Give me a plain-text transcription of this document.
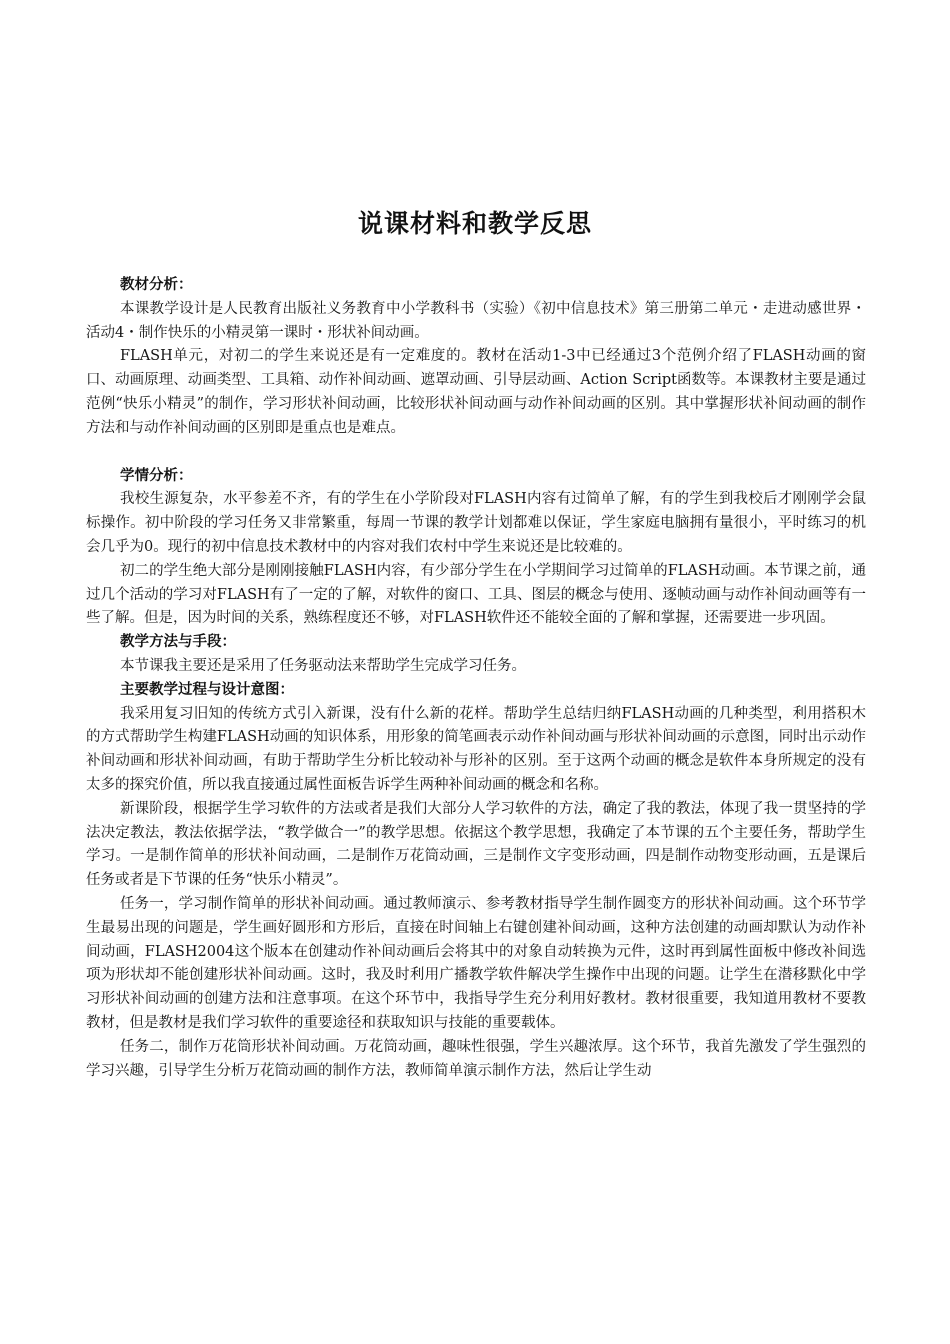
说课材料和教学反思

教材分析：

本课教学设计是人民教育出版社义务教育中小学教科书（实验）《初中信息技术》第三册第二单元・走进动感世界・活动4・制作快乐的小精灵第一课时・形状补间动画。

FLASH单元，对初二的学生来说还是有一定难度的。教材在活动1-3中已经通过3个范例介绍了FLASH动画的窗口、动画原理、动画类型、工具箱、动作补间动画、遮罩动画、引导层动画、Action Script函数等。本课教材主要是通过范例“快乐小精灵”的制作，学习形状补间动画，比较形状补间动画与动作补间动画的区别。其中掌握形状补间动画的制作方法和与动作补间动画的区别即是重点也是难点。

学情分析：

我校生源复杂，水平参差不齐，有的学生在小学阶段对FLASH内容有过简单了解，有的学生到我校后才刚刚学会鼠标操作。初中阶段的学习任务又非常繁重，每周一节课的教学计划都难以保证，学生家庭电脑拥有量很小，平时练习的机会几乎为0。现行的初中信息技术教材中的内容对我们农村中学生来说还是比较难的。

初二的学生绝大部分是刚刚接触FLASH内容，有少部分学生在小学期间学习过简单的FLASH动画。本节课之前，通过几个活动的学习对FLASH有了一定的了解，对软件的窗口、工具、图层的概念与使用、逐帧动画与动作补间动画等有一些了解。但是，因为时间的关系，熟练程度还不够，对FLASH软件还不能较全面的了解和掌握，还需要进一步巩固。

教学方法与手段：

本节课我主要还是采用了任务驱动法来帮助学生完成学习任务。

主要教学过程与设计意图：

我采用复习旧知的传统方式引入新课，没有什么新的花样。帮助学生总结归纳FLASH动画的几种类型，利用搭积木的方式帮助学生构建FLASH动画的知识体系，用形象的简笔画表示动作补间动画与形状补间动画的示意图，同时出示动作补间动画和形状补间动画，有助于帮助学生分析比较动补与形补的区别。至于这两个动画的概念是软件本身所规定的没有太多的探究价值，所以我直接通过属性面板告诉学生两种补间动画的概念和名称。

新课阶段，根据学生学习软件的方法或者是我们大部分人学习软件的方法，确定了我的教法，体现了我一贯坚持的学法决定教法，教法依据学法，“教学做合一”的教学思想。依据这个教学思想，我确定了本节课的五个主要任务，帮助学生学习。一是制作简单的形状补间动画，二是制作万花筒动画，三是制作文字变形动画，四是制作动物变形动画，五是课后任务或者是下节课的任务“快乐小精灵”。

任务一，学习制作简单的形状补间动画。通过教师演示、参考教材指导学生制作圆变方的形状补间动画。这个环节学生最易出现的问题是，学生画好圆形和方形后，直接在时间轴上右键创建补间动画，这种方法创建的动画却默认为动作补间动画，FLASH2004这个版本在创建动作补间动画后会将其中的对象自动转换为元件，这时再到属性面板中修改补间选项为形状却不能创建形状补间动画。这时，我及时利用广播教学软件解决学生操作中出现的问题。让学生在潜移默化中学习形状补间动画的创建方法和注意事项。在这个环节中，我指导学生充分利用好教材。教材很重要，我知道用教材不要教教材，但是教材是我们学习软件的重要途径和获取知识与技能的重要载体。

任务二，制作万花筒形状补间动画。万花筒动画，趣味性很强，学生兴趣浓厚。这个环节，我首先激发了学生强烈的学习兴趣，引导学生分析万花筒动画的制作方法，教师简单演示制作方法，然后让学生动
